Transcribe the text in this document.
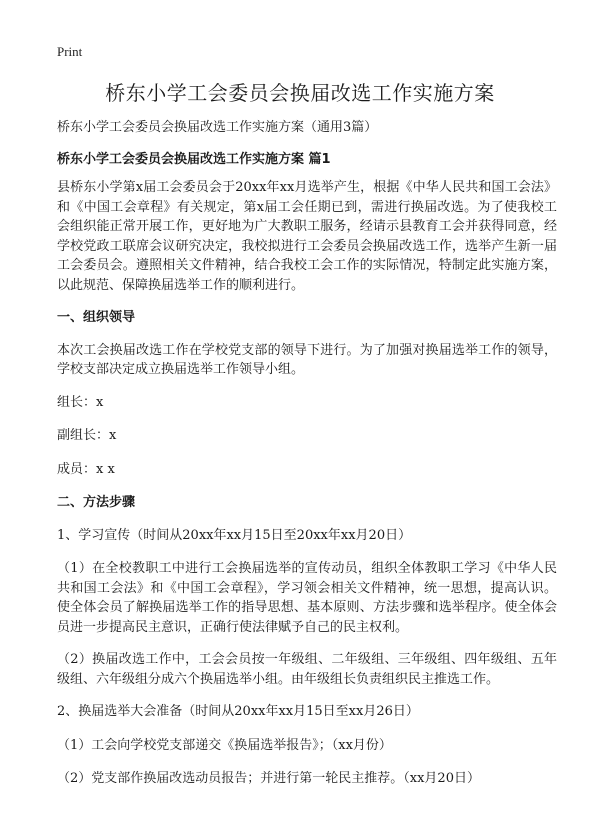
Print
桥东小学工会委员会换届改选工作实施方案

桥东小学工会委员会换届改选工作实施方案（通用3篇）

桥东小学工会委员会换届改选工作实施方案 篇1

县桥东小学第x届工会委员会于20xx年xx月选举产生，根据《中华人民共和国工会法》和《中国工会章程》有关规定，第x届工会任期已到，需进行换届改选。为了使我校工会组织能正常开展工作，更好地为广大教职工服务，经请示县教育工会并获得同意，经学校党政工联席会议研究决定，我校拟进行工会委员会换届改选工作，选举产生新一届工会委员会。遵照相关文件精神，结合我校工会工作的实际情况，特制定此实施方案，以此规范、保障换届选举工作的顺利进行。

一、组织领导

本次工会换届改选工作在学校党支部的领导下进行。为了加强对换届选举工作的领导，学校支部决定成立换届选举工作领导小组。

组长：x

副组长：x

成员：x x

二、方法步骤

1、学习宣传（时间从20xx年xx月15日至20xx年xx月20日）

（1）在全校教职工中进行工会换届选举的宣传动员，组织全体教职工学习《中华人民共和国工会法》和《中国工会章程》，学习领会相关文件精神，统一思想，提高认识。使全体会员了解换届选举工作的指导思想、基本原则、方法步骤和选举程序。使全体会员进一步提高民主意识，正确行使法律赋予自己的民主权利。

（2）换届改选工作中，工会会员按一年级组、二年级组、三年级组、四年级组、五年级组、六年级组分成六个换届选举小组。由年级组长负责组织民主推选工作。

2、换届选举大会准备（时间从20xx年xx月15日至xx月26日）

（1）工会向学校党支部递交《换届选举报告》；（xx月份）

（2）党支部作换届改选动员报告；并进行第一轮民主推荐。（xx月20日）
